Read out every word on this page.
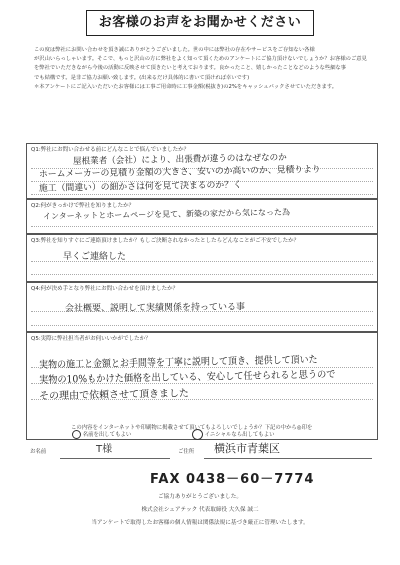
お客様のお声をお聞かせください
この度は弊社にお問い合わせを頂き誠にありがとうございました。世の中には弊社の存在やサービスをご存知ない各様
が沢山いらっしゃいます。そこで、もっと沢山の方に弊社をよく知って頂くためのアンケートにご協力頂けないでしょうか？お客様のご意見
を弊社でいただきながら今後の活動に反映させて頂きたいと考えております。良かったこと、嬉しかったことなどのような些細な事
でも結構です。是非ご協力お願い致します。(出来るだけ具体的に書いて頂ければ幸いです)
＊本アンケートにご記入いただいたお客様には工事ご用命時に工事金額(税抜き)の2%をキャッシュバックさせていただきます。
Q1:弊社にお問い合わせる前にどんなことで悩んでいましたか？
屋根業者（会社）により、出張費が違うのはなぜなのか
ホームメーカーの見積り金額の大きさ、安いのか高いのか、見積りより
施工（間違い）の細かさは何を見て決まるのか？く
Q2:何がきっかけで弊社を知りましたか？
インターネットとホームページを見て、新築の家だから気になった為
Q3:弊社を知りすぐにご連絡頂けましたか？もしご決断されなかったとしたらどんなことがご不安でしたか？
早くご連絡した
Q4:何が決め手となり弊社にお問い合わせを頂けましたか？
会社概要、説明して実績関係を持っている事
Q5:実際に弊社担当者がお伺いいかがでしたか？
実物の施工と金額とお手間等を丁寧に説明して頂き、提供して頂いた
実物の10%もかけた価格を出している、安心して任せられると思うので
その理由で依頼させて頂きました
この内容をインターネットや印刷物に掲載させて頂いてもよろしいでしょうか？下記の中から◎印を
名前を出してもよい	イニシャルなら出してもよい
お名前	T様	ご住所 横浜市青葉区
FAX 0438－60－7774
ご協力ありがとうございました。
株式会社シェアテック 代表取締役 大久保 誠二
当アンケートで取得したお客様の個人情報は関係法規に基づき厳正に管理いたします。
